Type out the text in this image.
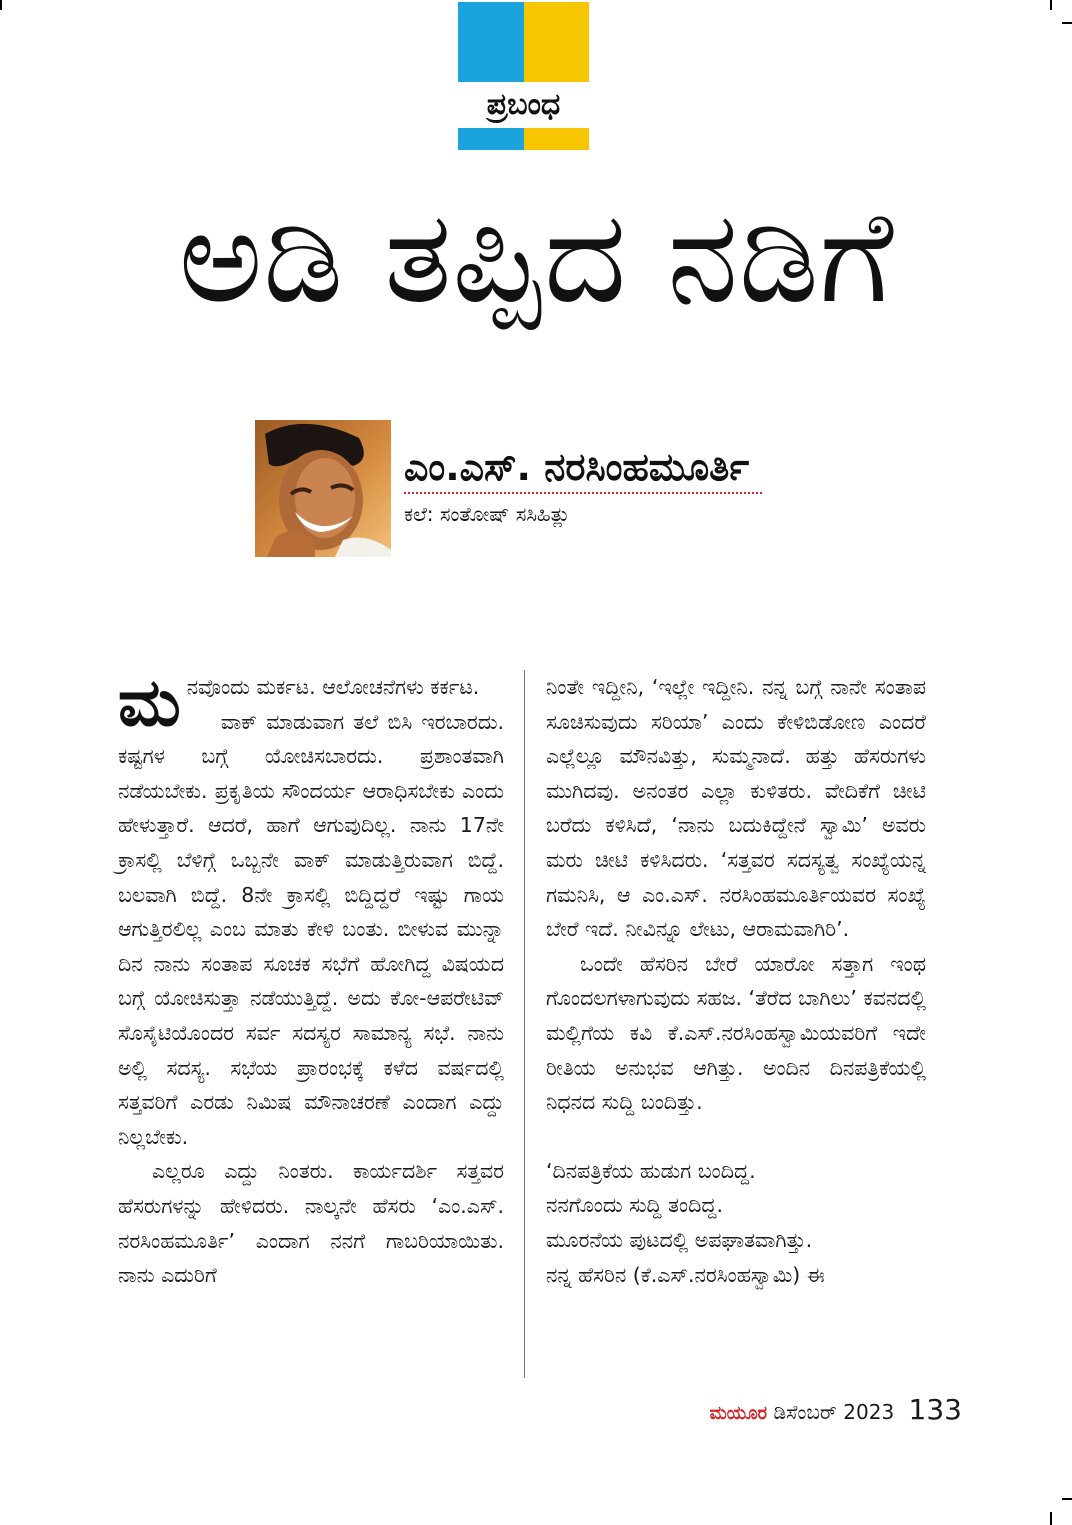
ಪ್ರಬಂಧ
ಅಡಿ ತಪ್ಪಿದ ನಡಿಗೆ
ಎಂ.ಎಸ್. ನರಸಿಂಹಮೂರ್ತಿ
ಕಲೆ: ಸಂತೋಷ್ ಸಸಿಹಿತ್ಲು

ಮನವೊಂದು ಮರ್ಕಟ. ಆಲೋಚನೆಗಳು ಕರ್ಕಟ.

ವಾಕ್ ಮಾಡುವಾಗ ತಲೆ ಬಿಸಿ ಇರಬಾರದು. ಕಷ್ಟಗಳ ಬಗ್ಗೆ ಯೋಚಿಸಬಾರದು. ಪ್ರಶಾಂತವಾಗಿ ನಡೆಯಬೇಕು. ಪ್ರಕೃತಿಯ ಸೌಂದರ್ಯ ಆರಾಧಿಸಬೇಕು ಎಂದು ಹೇಳುತ್ತಾರೆ. ಆದರೆ, ಹಾಗೆ ಆಗುವುದಿಲ್ಲ. ನಾನು 17ನೇ ಕ್ರಾಸಲ್ಲಿ ಬೆಳಿಗ್ಗೆ ಒಬ್ಬನೇ ವಾಕ್ ಮಾಡುತ್ತಿರುವಾಗ ಬಿದ್ದೆ. ಬಲವಾಗಿ ಬಿದ್ದೆ. 8ನೇ ಕ್ರಾಸಲ್ಲಿ ಬಿದ್ದಿದ್ದರೆ ಇಷ್ಟು ಗಾಯ ಆಗುತ್ತಿರಲಿಲ್ಲ ಎಂಬ ಮಾತು ಕೇಳಿ ಬಂತು. ಬೀಳುವ ಮುನ್ನಾ ದಿನ ನಾನು ಸಂತಾಪ ಸೂಚಕ ಸಭೆಗೆ ಹೋಗಿದ್ದ ವಿಷಯದ ಬಗ್ಗೆ ಯೋಚಿಸುತ್ತಾ ನಡೆಯುತ್ತಿದ್ದೆ. ಅದು ಕೋ-ಆಪರೇಟಿವ್ ಸೊಸೈಟಿಯೊಂದರ ಸರ್ವ ಸದಸ್ಯರ ಸಾಮಾನ್ಯ ಸಭೆ. ನಾನು ಅಲ್ಲಿ ಸದಸ್ಯ. ಸಭೆಯ ಪ್ರಾರಂಭಕ್ಕೆ ಕಳೆದ ವರ್ಷದಲ್ಲಿ ಸತ್ತವರಿಗೆ ಎರಡು ನಿಮಿಷ ಮೌನಾಚರಣೆ ಎಂದಾಗ ಎದ್ದು ನಿಲ್ಲಬೇಕು.

ಎಲ್ಲರೂ ಎದ್ದು ನಿಂತರು. ಕಾರ್ಯದರ್ಶಿ ಸತ್ತವರ ಹೆಸರುಗಳನ್ನು ಹೇಳಿದರು. ನಾಲ್ಕನೇ ಹೆಸರು ‘ಎಂ.ಎಸ್. ನರಸಿಂಹಮೂರ್ತಿ’ ಎಂದಾಗ ನನಗೆ ಗಾಬರಿಯಾಯಿತು. ನಾನು ಎದುರಿಗೆ

ನಿಂತೇ ಇದ್ದೀನಿ, ‘ಇಲ್ಲೇ ಇದ್ದೀನಿ. ನನ್ನ ಬಗ್ಗೆ ನಾನೇ ಸಂತಾಪ ಸೂಚಿಸುವುದು ಸರಿಯಾ’ ಎಂದು ಕೇಳಿಬಿಡೋಣ ಎಂದರೆ ಎಲ್ಲೆಲ್ಲೂ ಮೌನವಿತ್ತು, ಸುಮ್ಮನಾದೆ. ಹತ್ತು ಹೆಸರುಗಳು ಮುಗಿದವು. ಅನಂತರ ಎಲ್ಲಾ ಕುಳಿತರು. ವೇದಿಕೆಗೆ ಚೀಟಿ ಬರೆದು ಕಳಿಸಿದೆ, ‘ನಾನು ಬದುಕಿದ್ದೇನೆ ಸ್ವಾಮಿ’ ಅವರು ಮರು ಚೀಟಿ ಕಳಿಸಿದರು. ‘ಸತ್ತವರ ಸದಸ್ಯತ್ವ ಸಂಖ್ಯೆಯನ್ನ ಗಮನಿಸಿ, ಆ ಎಂ.ಎಸ್. ನರಸಿಂಹಮೂರ್ತಿಯವರ ಸಂಖ್ಯೆ ಬೇರೆ ಇದೆ. ನೀವಿನ್ನೂ ಲೇಟು, ಆರಾಮವಾಗಿರಿ’.

ಒಂದೇ ಹೆಸರಿನ ಬೇರೆ ಯಾರೋ ಸತ್ತಾಗ ಇಂಥ ಗೊಂದಲಗಳಾಗುವುದು ಸಹಜ. ‘ತೆರೆದ ಬಾಗಿಲು’ ಕವನದಲ್ಲಿ ಮಲ್ಲಿಗೆಯ ಕವಿ ಕೆ.ಎಸ್.ನರಸಿಂಹಸ್ವಾಮಿಯವರಿಗೆ ಇದೇ ರೀತಿಯ ಅನುಭವ ಆಗಿತ್ತು. ಅಂದಿನ ದಿನಪತ್ರಿಕೆಯಲ್ಲಿ ನಿಧನದ ಸುದ್ದಿ ಬಂದಿತ್ತು.

‘ದಿನಪತ್ರಿಕೆಯ ಹುಡುಗ ಬಂದಿದ್ದ.
ನನಗೊಂದು ಸುದ್ದಿ ತಂದಿದ್ದ.
ಮೂರನೆಯ ಪುಟದಲ್ಲಿ ಅಪಘಾತವಾಗಿತ್ತು.
ನನ್ನ ಹೆಸರಿನ (ಕೆ.ಎಸ್.ನರಸಿಂಹಸ್ವಾಮಿ) ಈ
ಮಯೂರ ಡಿಸೆಂಬರ್ 2023 133
